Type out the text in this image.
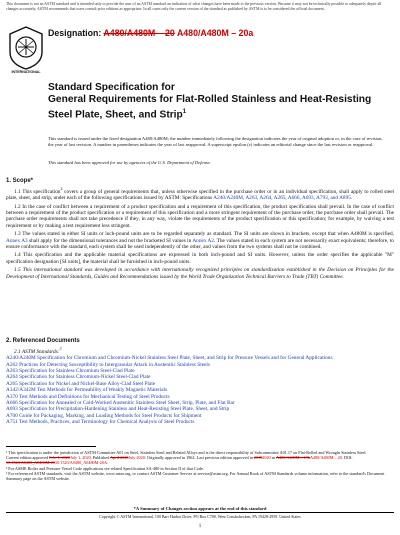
This document is not an ASTM standard and is intended only to provide the user of an ASTM standard an indication of what changes have been made to the previous version. Because it may not be technically possible to adequately depict all changes accurately, ASTM recommends that users consult prior editions as appropriate. In all cases only the current version of the standard as published by ASTM is to be considered the official document.
INTERNATIONAL
Designation: A480/A480M – 20 A480/A480M – 20a
Standard Specification for
General Requirements for Flat-Rolled Stainless and Heat-Resisting Steel Plate, Sheet, and Strip$^1$
This standard is issued under the fixed designation A480/A480M; the number immediately following the designation indicates the year of original adoption or, in the case of revision, the year of last revision. A number in parentheses indicates the year of last reapproval. A superscript epsilon (ε) indicates an editorial change since the last revision or reapproval.
This standard has been approved for use by agencies of the U.S. Department of Defense.
1. Scope*
1.1 This specification$^2$ covers a group of general requirements that, unless otherwise specified in the purchase order or in an individual specification, shall apply to rolled steel plate, sheet, and strip, under each of the following specifications issued by ASTM: Specifications A240/A240M, A263, A264, A265, A666, A693, A793, and A895.
1.2 In the case of conflict between a requirement of a product specification and a requirement of this specification, the product specification shall prevail. In the case of conflict between a requirement of the product specification or a requirement of this specification and a more stringent requirement of the purchase order, the purchase order shall prevail. The purchase order requirements shall not take precedence if they, in any way, violate the requirements of the product specification or this specification; for example, by waiving a test requirement or by making a test requirement less stringent.
1.3 The values stated in either SI units or inch-pound units are to be regarded separately as standard. The SI units are shown in brackets, except that when A480M is specified, Annex A3 shall apply for the dimensional tolerances and not the bracketed SI values in Annex A2. The values stated in each system are not necessarily exact equivalents; therefore, to ensure conformance with the standard, each system shall be used independently of the other, and values from the two systems shall not be combined.
1.4 This specification and the applicable material specifications are expressed in both inch-pound and SI units. However, unless the order specifies the applicable "M" specification designation [SI units], the material shall be furnished in inch-pound units.
1.5 This international standard was developed in accordance with internationally recognized principles on standardization established in the Decision on Principles for the Development of International Standards, Guides and Recommendations issued by the World Trade Organization Technical Barriers to Trade (TBT) Committee.
2. Referenced Documents
2.1 ASTM Standards:$^3$
A240/A240M Specification for Chromium and Chromium-Nickel Stainless Steel Plate, Sheet, and Strip for Pressure Vessels and for General Applications
A262 Practices for Detecting Susceptibility to Intergranular Attack in Austenitic Stainless Steels
A263 Specification for Stainless Chromium Steel-Clad Plate
A264 Specification for Stainless Chromium-Nickel Steel-Clad Plate
A265 Specification for Nickel and Nickel-Base Alloy-Clad Steel Plate
A342/A342M Test Methods for Permeability of Weakly Magnetic Materials
A370 Test Methods and Definitions for Mechanical Testing of Steel Products
A666 Specification for Annealed or Cold-Worked Austenitic Stainless Steel Sheet, Strip, Plate, and Flat Bar
A693 Specification for Precipitation-Hardening Stainless and Heat-Resisting Steel Plate, Sheet, and Strip
A700 Guide for Packaging, Marking, and Loading Methods for Steel Products for Shipment
A751 Test Methods, Practices, and Terminology for Chemical Analysis of Steel Products
¹ This specification is under the jurisdiction of ASTM Committee A01 on Steel, Stainless Steel and Related Alloys and is the direct responsibility of Subcommittee A01.17 on Flat-Rolled and Wrought Stainless Steel.
Current edition approved Feb. 1, 2020July 1, 2020. Published April 2020July 2020. Originally approved in 1962. Last previous edition approved in 20192020 as A480/A480M – 19bA480/A480M – 20. DOI: 10.1520/A0480_A0480M-2010.1520/A0480_A0480M-20A.
² For ASME Boiler and Pressure Vessel Code applications see related Specification SA-480 in Section II of that Code.
³ For referenced ASTM standards, visit the ASTM website, www.astm.org, or contact ASTM Customer Service at service@astm.org. For Annual Book of ASTM Standards volume information, refer to the standard's Document Summary page on the ASTM website.
*A Summary of Changes section appears at the end of this standard
Copyright © ASTM International, 100 Barr Harbor Drive, PO Box C700, West Conshohocken, PA 19428-2959. United States
1
